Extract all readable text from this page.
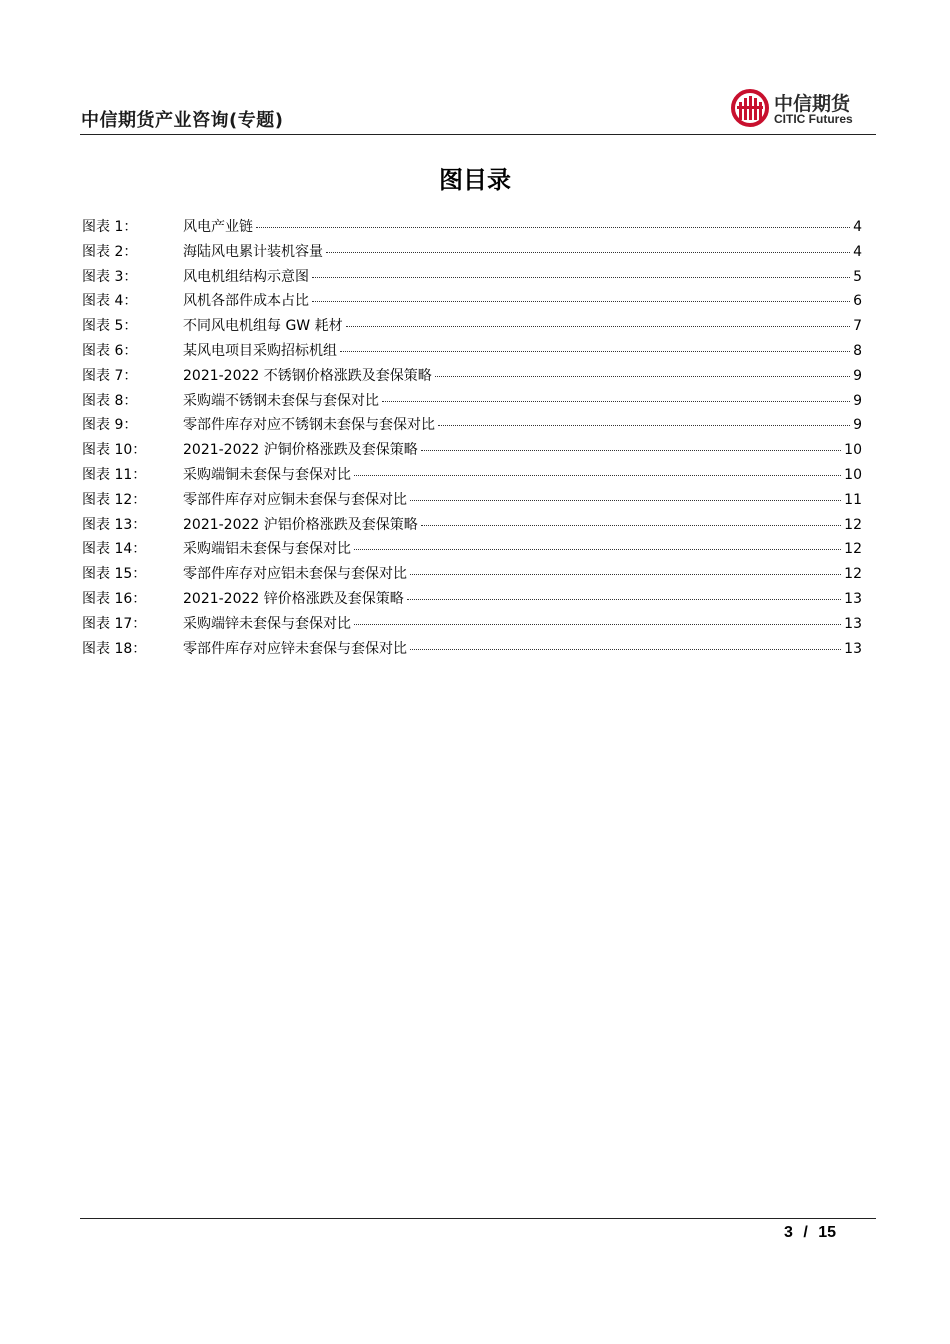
中信期货产业咨询(专题)
中信期货
CITIC Futures
图目录
图表 1：	风电产业链	4
图表 2：	海陆风电累计装机容量	4
图表 3：	风电机组结构示意图	5
图表 4：	风机各部件成本占比	6
图表 5：	不同风电机组每 GW 耗材	7
图表 6：	某风电项目采购招标机组	8
图表 7：	2021-2022 不锈钢价格涨跌及套保策略	9
图表 8：	采购端不锈钢未套保与套保对比	9
图表 9：	零部件库存对应不锈钢未套保与套保对比	9
图表 10：	2021-2022 沪铜价格涨跌及套保策略	10
图表 11：	采购端铜未套保与套保对比	10
图表 12：	零部件库存对应铜未套保与套保对比	11
图表 13：	2021-2022 沪铝价格涨跌及套保策略	12
图表 14：	采购端铝未套保与套保对比	12
图表 15：	零部件库存对应铝未套保与套保对比	12
图表 16：	2021-2022 锌价格涨跌及套保策略	13
图表 17：	采购端锌未套保与套保对比	13
图表 18：	零部件库存对应锌未套保与套保对比	13
3 / 15
